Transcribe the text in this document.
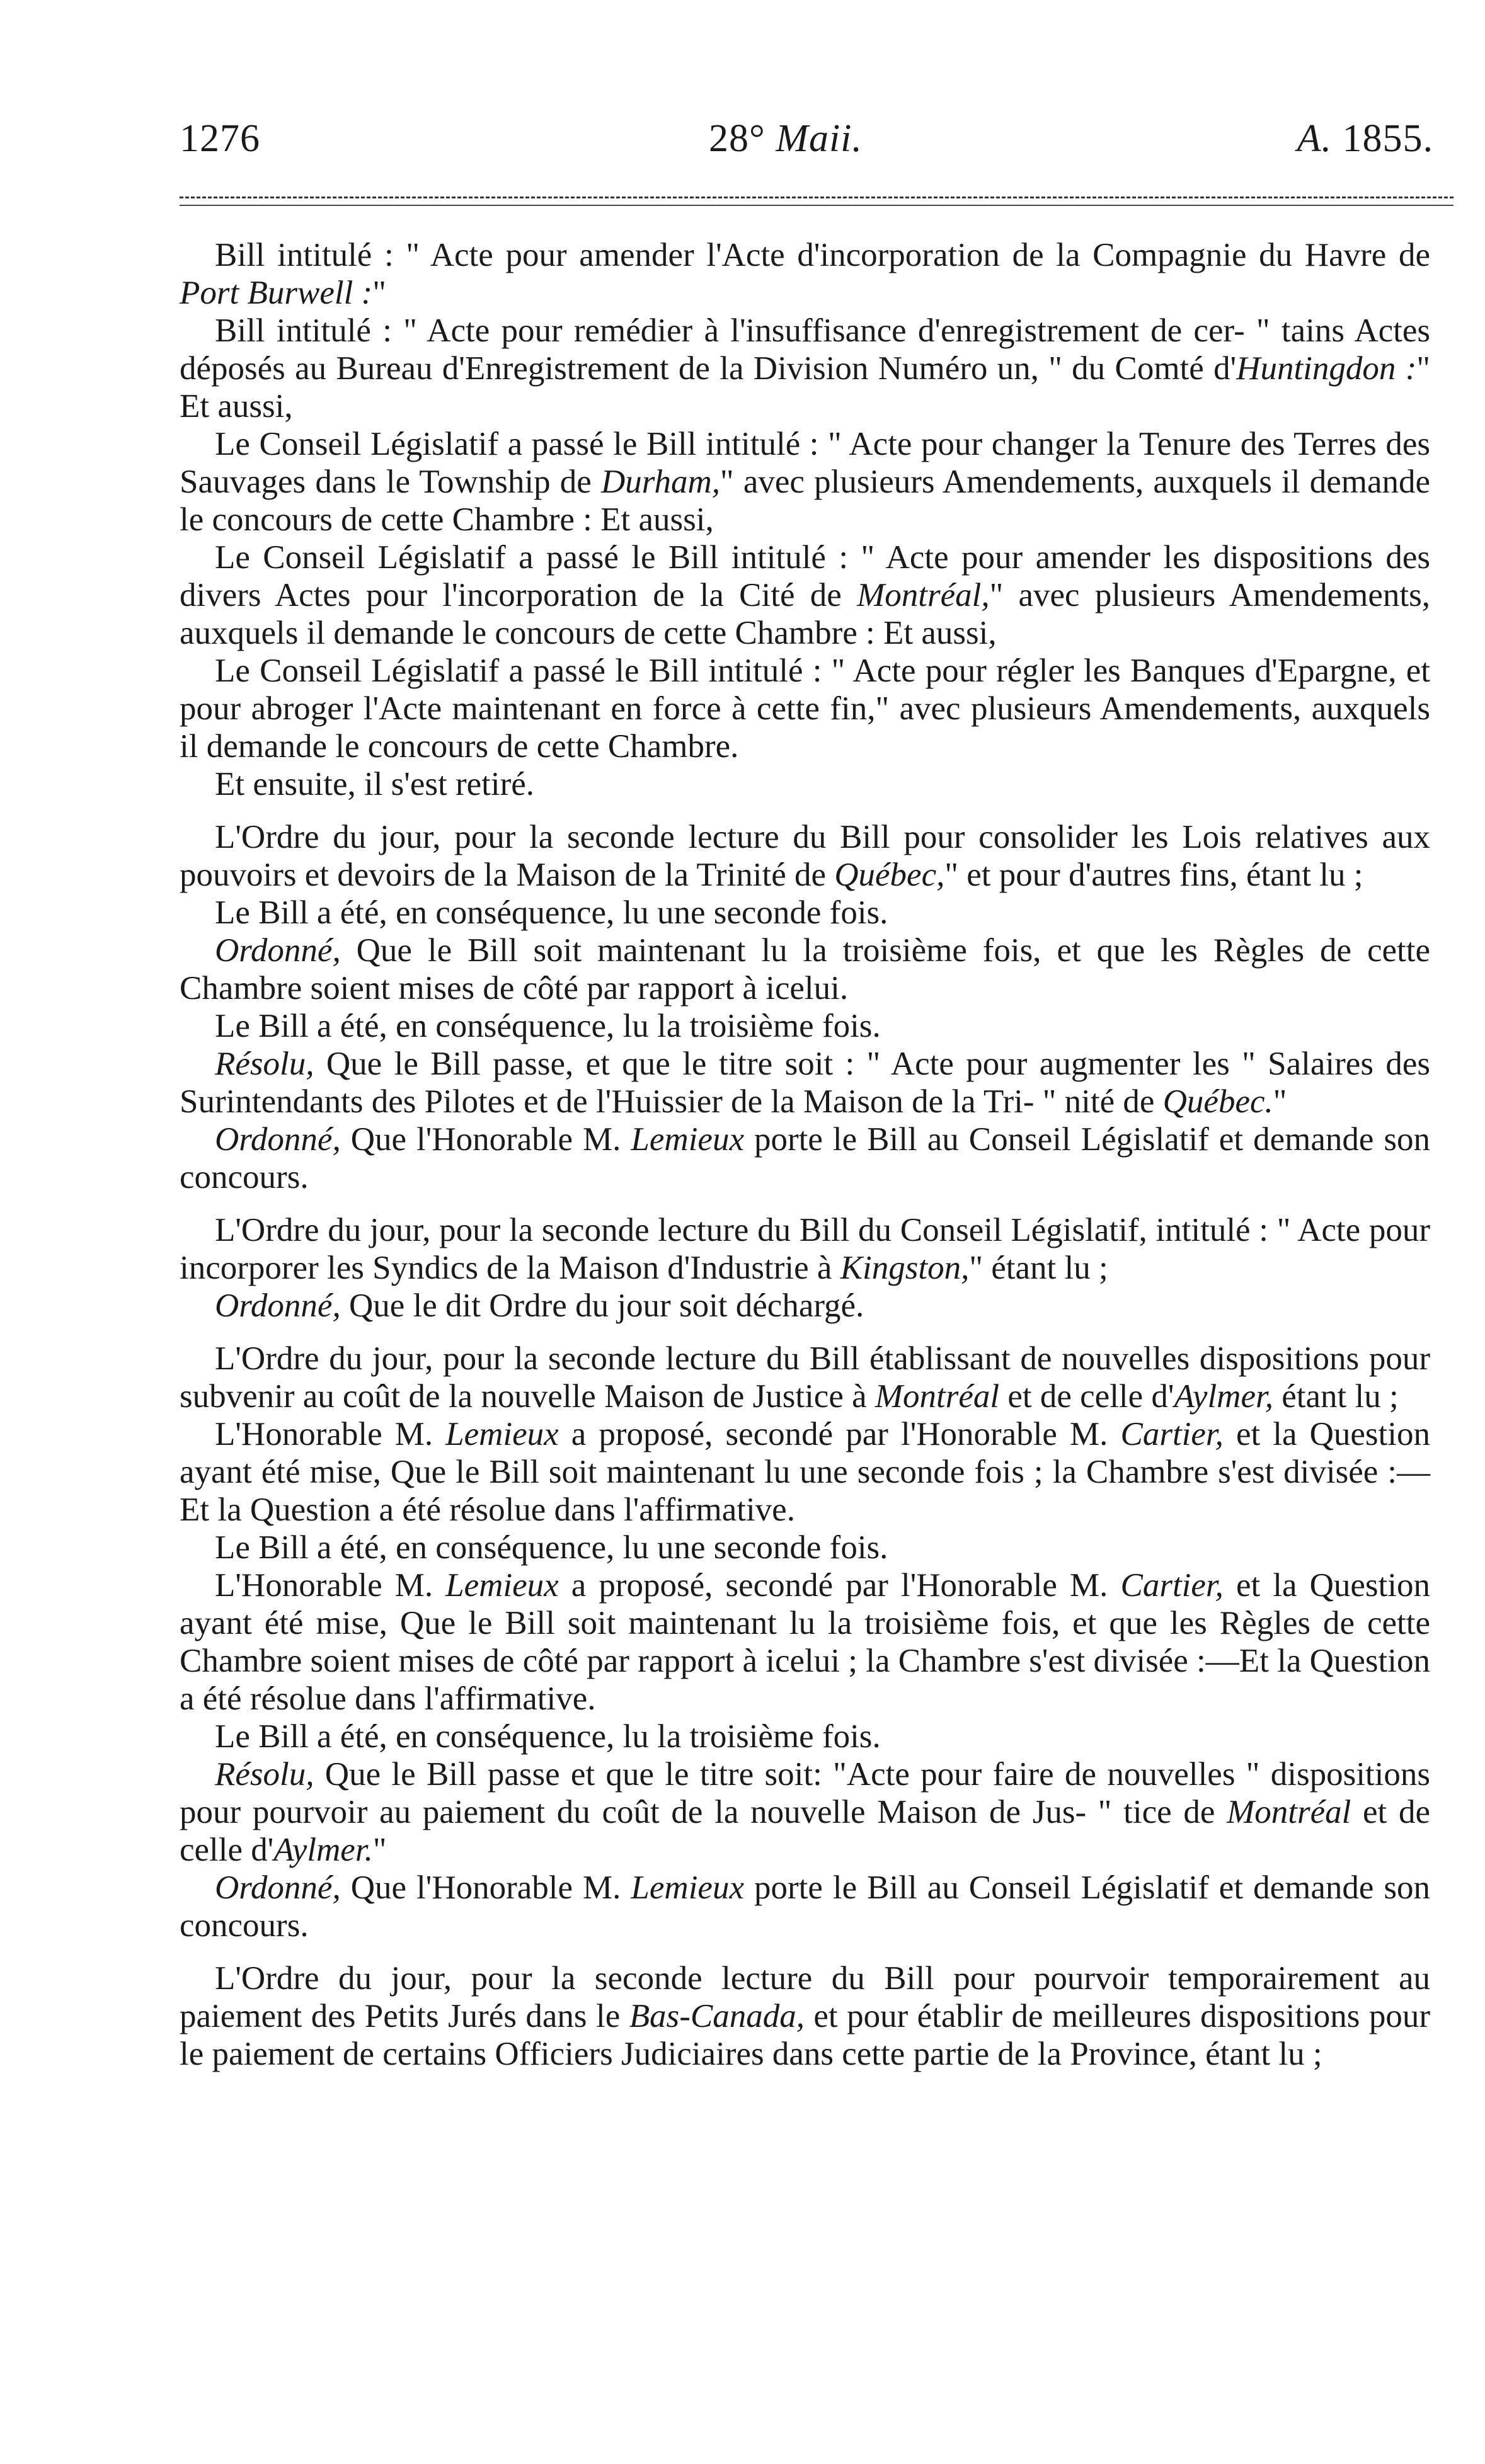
1276	28° Maii.	A. 1855.

Bill intitulé : " Acte pour amender l'Acte d'incorporation de la Compagnie du Havre de Port Burwell :"

Bill intitulé : " Acte pour remédier à l'insuffisance d'enregistrement de cer- " tains Actes déposés au Bureau d'Enregistrement de la Division Numéro un, " du Comté d'Huntingdon :" Et aussi,

Le Conseil Législatif a passé le Bill intitulé : " Acte pour changer la Tenure des Terres des Sauvages dans le Township de Durham," avec plusieurs Amendements, auxquels il demande le concours de cette Chambre : Et aussi,

Le Conseil Législatif a passé le Bill intitulé : " Acte pour amender les dispositions des divers Actes pour l'incorporation de la Cité de Montréal," avec plusieurs Amendements, auxquels il demande le concours de cette Chambre : Et aussi,

Le Conseil Législatif a passé le Bill intitulé : " Acte pour régler les Banques d'Epargne, et pour abroger l'Acte maintenant en force à cette fin," avec plusieurs Amendements, auxquels il demande le concours de cette Chambre.

Et ensuite, il s'est retiré.

L'Ordre du jour, pour la seconde lecture du Bill pour consolider les Lois relatives aux pouvoirs et devoirs de la Maison de la Trinité de Québec," et pour d'autres fins, étant lu ;

Le Bill a été, en conséquence, lu une seconde fois.

Ordonné, Que le Bill soit maintenant lu la troisième fois, et que les Règles de cette Chambre soient mises de côté par rapport à icelui.

Le Bill a été, en conséquence, lu la troisième fois.

Résolu, Que le Bill passe, et que le titre soit : " Acte pour augmenter les " Salaires des Surintendants des Pilotes et de l'Huissier de la Maison de la Tri- " nité de Québec."

Ordonné, Que l'Honorable M. Lemieux porte le Bill au Conseil Législatif et demande son concours.

L'Ordre du jour, pour la seconde lecture du Bill du Conseil Législatif, intitulé : " Acte pour incorporer les Syndics de la Maison d'Industrie à Kingston," étant lu ;

Ordonné, Que le dit Ordre du jour soit déchargé.

L'Ordre du jour, pour la seconde lecture du Bill établissant de nouvelles dispositions pour subvenir au coût de la nouvelle Maison de Justice à Montréal et de celle d'Aylmer, étant lu ;

L'Honorable M. Lemieux a proposé, secondé par l'Honorable M. Cartier, et la Question ayant été mise, Que le Bill soit maintenant lu une seconde fois ; la Chambre s'est divisée :—Et la Question a été résolue dans l'affirmative.

Le Bill a été, en conséquence, lu une seconde fois.

L'Honorable M. Lemieux a proposé, secondé par l'Honorable M. Cartier, et la Question ayant été mise, Que le Bill soit maintenant lu la troisième fois, et que les Règles de cette Chambre soient mises de côté par rapport à icelui ; la Chambre s'est divisée :—Et la Question a été résolue dans l'affirmative.

Le Bill a été, en conséquence, lu la troisième fois.

Résolu, Que le Bill passe et que le titre soit: "Acte pour faire de nouvelles " dispositions pour pourvoir au paiement du coût de la nouvelle Maison de Jus- " tice de Montréal et de celle d'Aylmer."

Ordonné, Que l'Honorable M. Lemieux porte le Bill au Conseil Législatif et demande son concours.

L'Ordre du jour, pour la seconde lecture du Bill pour pourvoir temporairement au paiement des Petits Jurés dans le Bas-Canada, et pour établir de meilleures dispositions pour le paiement de certains Officiers Judiciaires dans cette partie de la Province, étant lu ;
